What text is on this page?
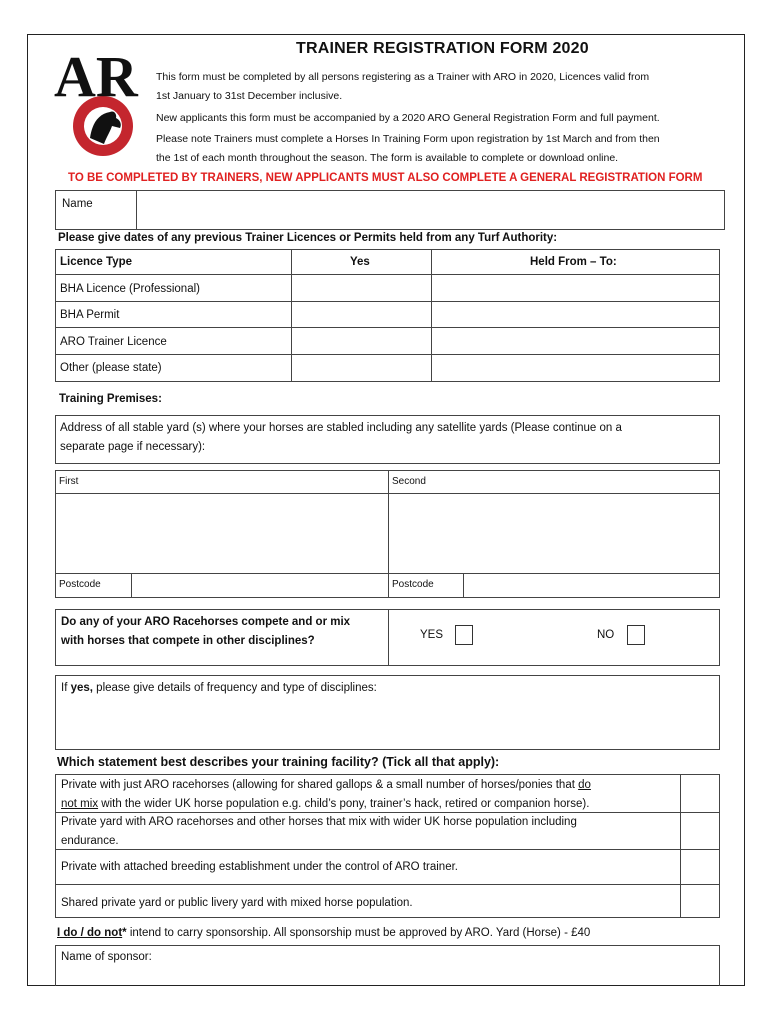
AR	TRAINER REGISTRATION FORM 2020
This form must be completed by all persons registering as a Trainer with ARO in 2020, Licences valid from
1st January to 31st December inclusive.
New applicants this form must be accompanied by a 2020 ARO General Registration Form and full payment.
Please note Trainers must complete a Horses In Training Form upon registration by 1st March and from then
the 1st of each month throughout the season. The form is available to complete or download online.
TO BE COMPLETED BY TRAINERS, NEW APPLICANTS MUST ALSO COMPLETE A GENERAL REGISTRATION FORM
Name
Please give dates of any previous Trainer Licences or Permits held from any Turf Authority:
Licence Type	Yes	Held From – To:
BHA Licence (Professional)
BHA Permit
ARO Trainer Licence
Other (please state)
Training Premises:
Address of all stable yard (s) where your horses are stabled including any satellite yards (Please continue on a
separate page if necessary):
First	Second
Postcode	Postcode
Do any of your ARO Racehorses compete and or mix
with horses that compete in other disciplines?	YES	NO
If yes, please give details of frequency and type of disciplines:
Which statement best describes your training facility? (Tick all that apply):
Private with just ARO racehorses (allowing for shared gallops & a small number of horses/ponies that do
not mix with the wider UK horse population e.g. child’s pony, trainer’s hack, retired or companion horse).
Private yard with ARO racehorses and other horses that mix with wider UK horse population including
endurance.
Private with attached breeding establishment under the control of ARO trainer.
Shared private yard or public livery yard with mixed horse population.
I do / do not* intend to carry sponsorship. All sponsorship must be approved by ARO. Yard (Horse) - £40
Name of sponsor:
